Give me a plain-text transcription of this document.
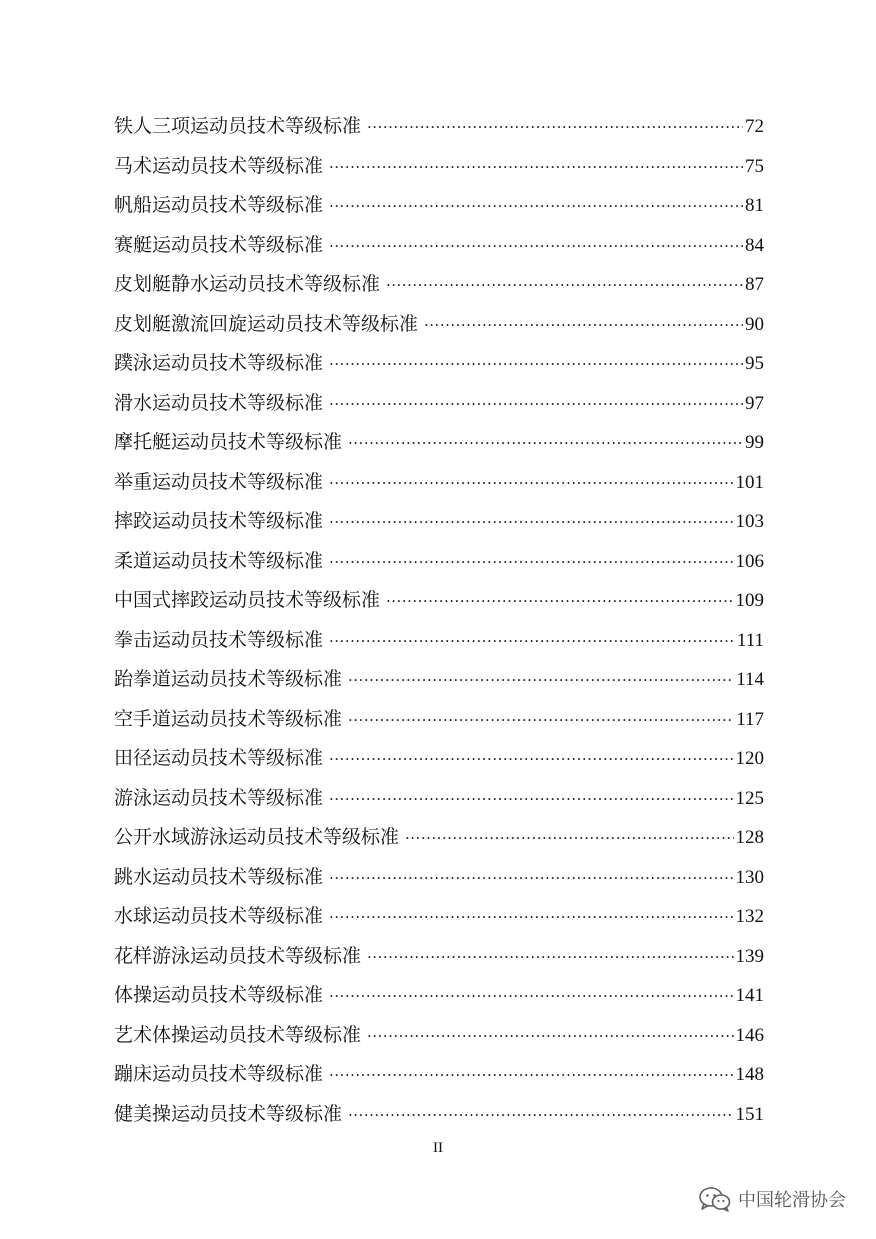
铁人三项运动员技术等级标准 ·····	72
马术运动员技术等级标准 ·····	75
帆船运动员技术等级标准 ·····	81
赛艇运动员技术等级标准 ·····	84
皮划艇静水运动员技术等级标准 ·····	87
皮划艇激流回旋运动员技术等级标准 ·····	90
蹼泳运动员技术等级标准 ·····	95
滑水运动员技术等级标准 ·····	97
摩托艇运动员技术等级标准 ·····	99
举重运动员技术等级标准 ·····	101
摔跤运动员技术等级标准 ·····	103
柔道运动员技术等级标准 ·····	106
中国式摔跤运动员技术等级标准 ·····	109
拳击运动员技术等级标准 ·····	111
跆拳道运动员技术等级标准 ·····	114
空手道运动员技术等级标准 ·····	117
田径运动员技术等级标准 ·····	120
游泳运动员技术等级标准 ·····	125
公开水域游泳运动员技术等级标准 ·····	128
跳水运动员技术等级标准 ·····	130
水球运动员技术等级标准 ·····	132
花样游泳运动员技术等级标准 ·····	139
体操运动员技术等级标准 ·····	141
艺术体操运动员技术等级标准 ·····	146
蹦床运动员技术等级标准 ·····	148
健美操运动员技术等级标准 ·····	151
II
中国轮滑协会
